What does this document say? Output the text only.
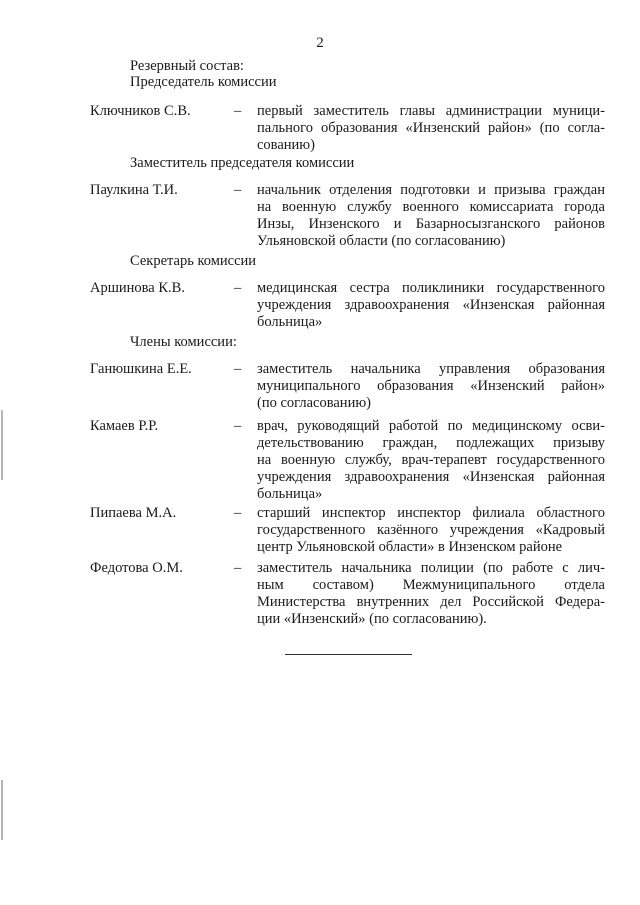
2
Резервный состав:
Председатель комиссии
Ключников С.В.	– первый заместитель главы администрации муници-
пального образования «Инзенский район» (по согла-
сованию)
Заместитель председателя комиссии
Паулкина Т.И.	– начальник отделения подготовки и призыва граждан
на военную службу военного комиссариата города
Инзы, Инзенского и Базарносызганского районов
Ульяновской области (по согласованию)
Секретарь комиссии
Аршинова К.В.	– медицинская сестра поликлиники государственного
учреждения здравоохранения «Инзенская районная
больница»
Члены комиссии:
Ганюшкина Е.Е.	– заместитель начальника управления образования
муниципального образования «Инзенский район»
(по согласованию)
Камаев Р.Р.	– врач, руководящий работой по медицинскому осви-
детельствованию граждан, подлежащих призыву
на военную службу, врач-терапевт государственного
учреждения здравоохранения «Инзенская районная
больница»
Пипаева М.А.	– старший инспектор инспектор филиала областного
государственного казённого учреждения «Кадровый
центр Ульяновской области» в Инзенском районе
Федотова О.М.	– заместитель начальника полиции (по работе с лич-
ным составом) Межмуниципального отдела
Министерства внутренних дел Российской Федера-
ции «Инзенский» (по согласованию).
